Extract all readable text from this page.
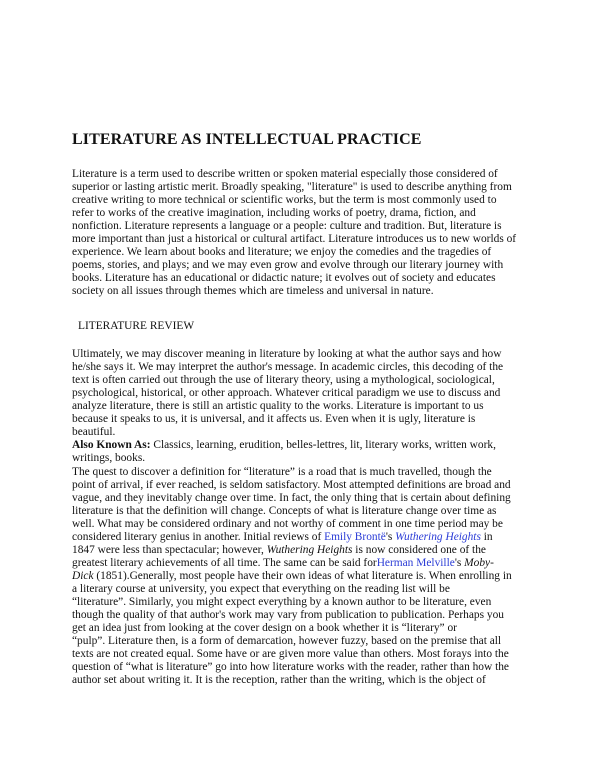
LITERATURE AS INTELLECTUAL PRACTICE
Literature is a term used to describe written or spoken material especially those considered of
superior or lasting artistic merit. Broadly speaking, "literature" is used to describe anything from
creative writing to more technical or scientific works, but the term is most commonly used to
refer to works of the creative imagination, including works of poetry, drama, fiction, and
nonfiction. Literature represents a language or a people: culture and tradition. But, literature is
more important than just a historical or cultural artifact. Literature introduces us to new worlds of
experience. We learn about books and literature; we enjoy the comedies and the tragedies of
poems, stories, and plays; and we may even grow and evolve through our literary journey with
books. Literature has an educational or didactic nature; it evolves out of society and educates
society on all issues through themes which are timeless and universal in nature.
LITERATURE REVIEW
Ultimately, we may discover meaning in literature by looking at what the author says and how
he/she says it. We may interpret the author's message. In academic circles, this decoding of the
text is often carried out through the use of literary theory, using a mythological, sociological,
psychological, historical, or other approach. Whatever critical paradigm we use to discuss and
analyze literature, there is still an artistic quality to the works. Literature is important to us
because it speaks to us, it is universal, and it affects us. Even when it is ugly, literature is
beautiful.
Also Known As: Classics, learning, erudition, belles-lettres, lit, literary works, written work,
writings, books.
The quest to discover a definition for “literature” is a road that is much travelled, though the
point of arrival, if ever reached, is seldom satisfactory. Most attempted definitions are broad and
vague, and they inevitably change over time. In fact, the only thing that is certain about defining
literature is that the definition will change. Concepts of what is literature change over time as
well. What may be considered ordinary and not worthy of comment in one time period may be
considered literary genius in another. Initial reviews of Emily Brontë's Wuthering Heights in
1847 were less than spectacular; however, Wuthering Heights is now considered one of the
greatest literary achievements of all time. The same can be said forHerman Melville's Moby-
Dick (1851).Generally, most people have their own ideas of what literature is. When enrolling in
a literary course at university, you expect that everything on the reading list will be
“literature”. Similarly, you might expect everything by a known author to be literature, even
though the quality of that author's work may vary from publication to publication. Perhaps you
get an idea just from looking at the cover design on a book whether it is “literary” or
“pulp”. Literature then, is a form of demarcation, however fuzzy, based on the premise that all
texts are not created equal. Some have or are given more value than others. Most forays into the
question of “what is literature” go into how literature works with the reader, rather than how the
author set about writing it. It is the reception, rather than the writing, which is the object of
